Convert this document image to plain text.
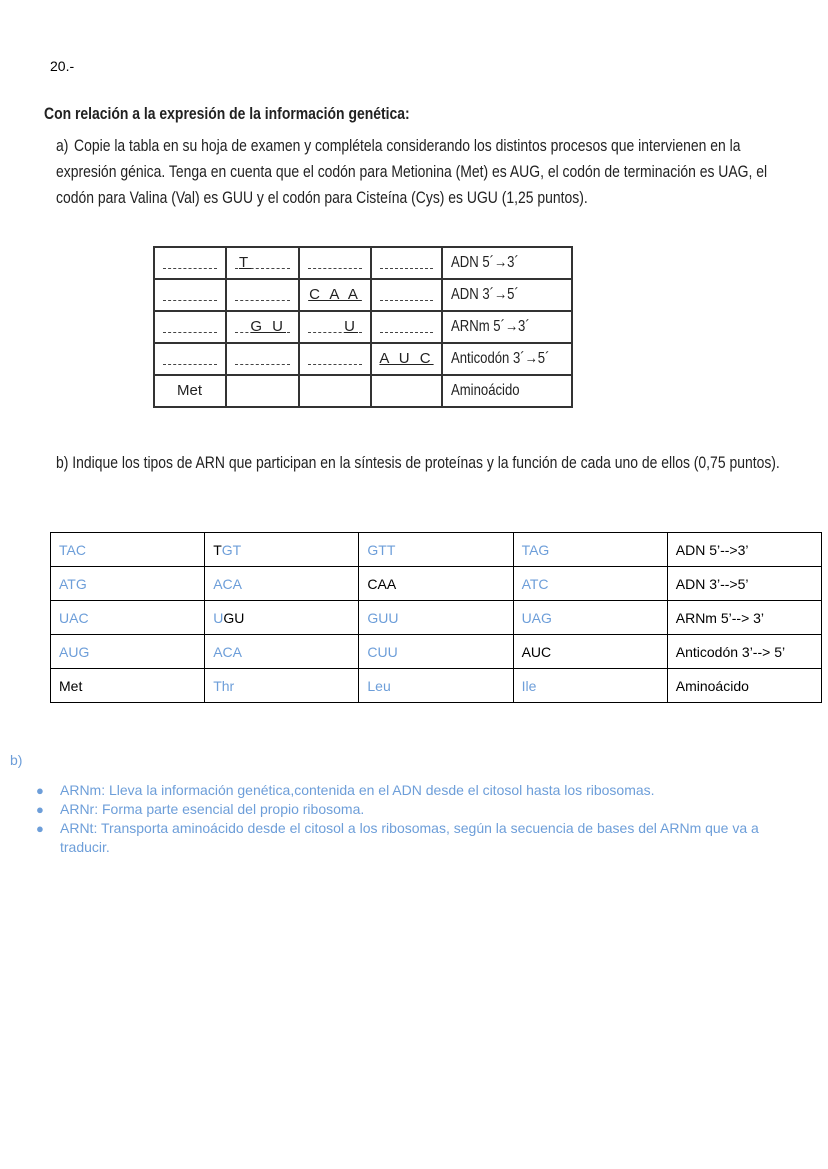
20.-
Con relación a la expresión de la información genética:
a) Copie la tabla en su hoja de examen y complétela considerando los distintos procesos que intervienen en la expresión génica. Tenga en cuenta que el codón para Metionina (Met) es AUG, el codón de terminación es UAG, el codón para Valina (Val) es GUU y el codón para Cisteína (Cys) es UGU (1,25 puntos).

	T			ADN 5´→3´

		C A A		ADN 3´→5´

	G U	U		ARNm 5´→3´

			A U C	Anticodón 3´→5´

Met				Aminoácido
b) Indique los tipos de ARN que participan en la síntesis de proteínas y la función de cada uno de ellos (0,75 puntos).
TAC	TGT	GTT	TAG	ADN 5’-->3’
ATG	ACA	CAA	ATC	ADN 3’-->5’
UAC	UGU	GUU	UAG	ARNm 5’--> 3’
AUG	ACA	CUU	AUC	Anticodón 3’--> 5’
Met	Thr	Leu	Ile	Aminoácido
b)
● ARNm: Lleva la información genética,contenida en el ADN desde el citosol hasta los ribosomas.
● ARNr: Forma parte esencial del propio ribosoma.
● ARNt: Transporta aminoácido desde el citosol a los ribosomas, según la secuencia de bases del ARNm que va a traducir.
